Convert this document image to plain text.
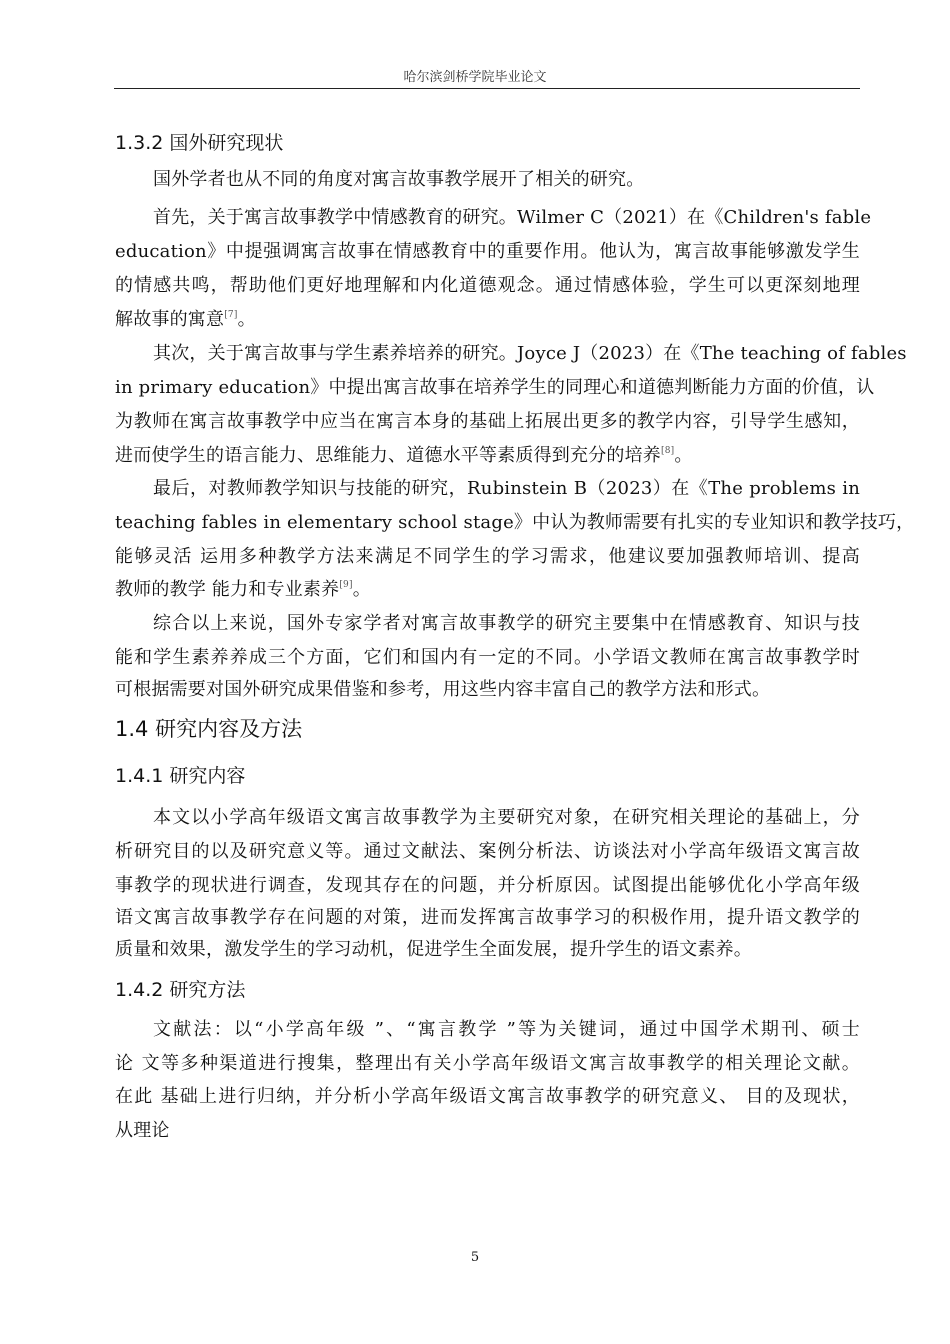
哈尔滨剑桥学院毕业论文
1.3.2 国外研究现状
国外学者也从不同的角度对寓言故事教学展开了相关的研究。
首先，关于寓言故事教学中情感教育的研究。Wilmer C（2021）在《Children's fable
education》中提强调寓言故事在情感教育中的重要作用。他认为，寓言故事能够激发学生
的情感共鸣，帮助他们更好地理解和内化道德观念。通过情感体验，学生可以更深刻地理
解故事的寓意[7]。
其次，关于寓言故事与学生素养培养的研究。Joyce J（2023）在《The teaching of fables
in primary education》中提出寓言故事在培养学生的同理心和道德判断能力方面的价值，认
为教师在寓言故事教学中应当在寓言本身的基础上拓展出更多的教学内容，引导学生感知，
进而使学生的语言能力、思维能力、道德水平等素质得到充分的培养[8]。
最后，对教师教学知识与技能的研究，Rubinstein B（2023）在《The problems in
teaching fables in elementary school stage》中认为教师需要有扎实的专业知识和教学技巧，
能够灵活 运用多种教学方法来满足不同学生的学习需求，他建议要加强教师培训、提高
教师的教学 能力和专业素养[9]。
综合以上来说，国外专家学者对寓言故事教学的研究主要集中在情感教育、知识与技
能和学生素养养成三个方面，它们和国内有一定的不同。小学语文教师在寓言故事教学时
可根据需要对国外研究成果借鉴和参考，用这些内容丰富自己的教学方法和形式。
1.4 研究内容及方法
1.4.1 研究内容
本文以小学高年级语文寓言故事教学为主要研究对象，在研究相关理论的基础上，分
析研究目的以及研究意义等。通过文献法、案例分析法、访谈法对小学高年级语文寓言故
事教学的现状进行调查，发现其存在的问题，并分析原因。试图提出能够优化小学高年级
语文寓言故事教学存在问题的对策，进而发挥寓言故事学习的积极作用，提升语文教学的
质量和效果，激发学生的学习动机，促进学生全面发展，提升学生的语文素养。
1.4.2 研究方法
文献法：以“小学高年级 ”、“寓言教学 ”等为关键词，通过中国学术期刊、硕士
论 文等多种渠道进行搜集，整理出有关小学高年级语文寓言故事教学的相关理论文献。
在此 基础上进行归纳，并分析小学高年级语文寓言故事教学的研究意义、 目的及现状，
从理论
5
